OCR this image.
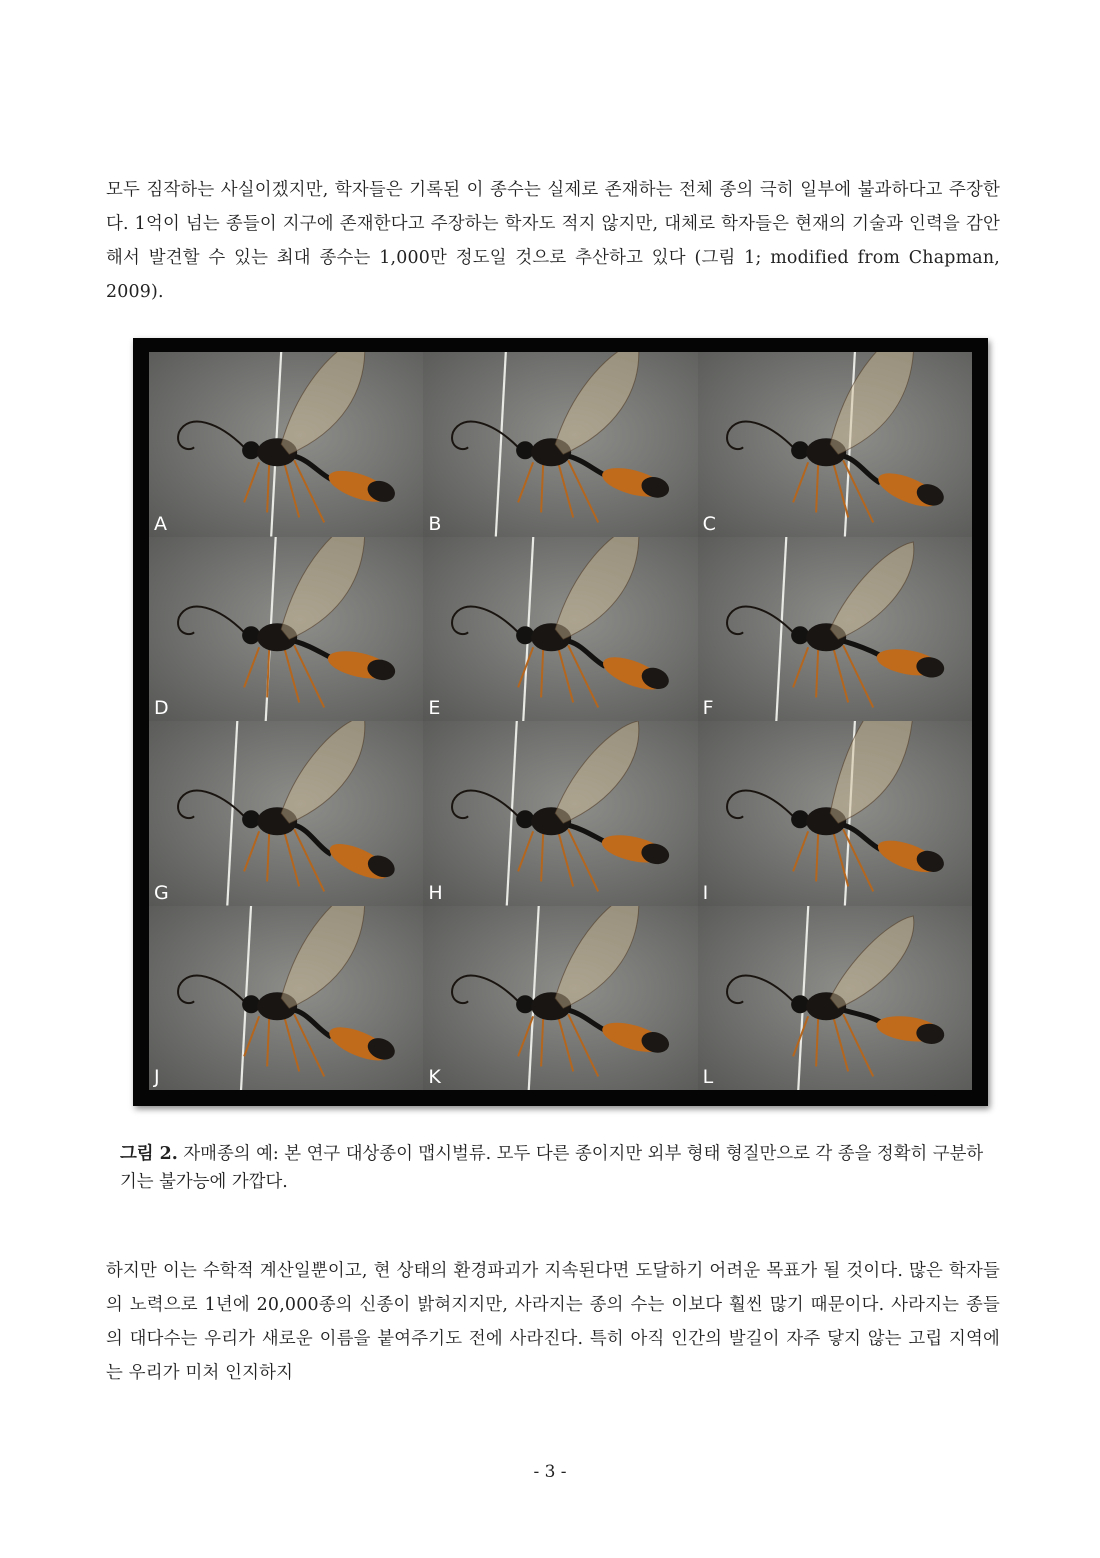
모두 짐작하는 사실이겠지만, 학자들은 기록된 이 종수는 실제로 존재하는 전체 종의 극히 일부에 불과하다고 주장한다. 1억이 넘는 종들이 지구에 존재한다고 주장하는 학자도 적지 않지만, 대체로 학자들은 현재의 기술과 인력을 감안해서 발견할 수 있는 최대 종수는 1,000만 정도일 것으로 추산하고 있다 (그림 1; modified from Chapman, 2009).

A	B	C
D	E	F
G	H	I
J	K	L

그림 2. 자매종의 예: 본 연구 대상종이 맵시벌류. 모두 다른 종이지만 외부 형태 형질만으로 각 종을 정확히 구분하기는 불가능에 가깝다.

하지만 이는 수학적 계산일뿐이고, 현 상태의 환경파괴가 지속된다면 도달하기 어려운 목표가 될 것이다. 많은 학자들의 노력으로 1년에 20,000종의 신종이 밝혀지지만, 사라지는 종의 수는 이보다 훨씬 많기 때문이다. 사라지는 종들의 대다수는 우리가 새로운 이름을 붙여주기도 전에 사라진다. 특히 아직 인간의 발길이 자주 닿지 않는 고립 지역에는 우리가 미처 인지하지

- 3 -
